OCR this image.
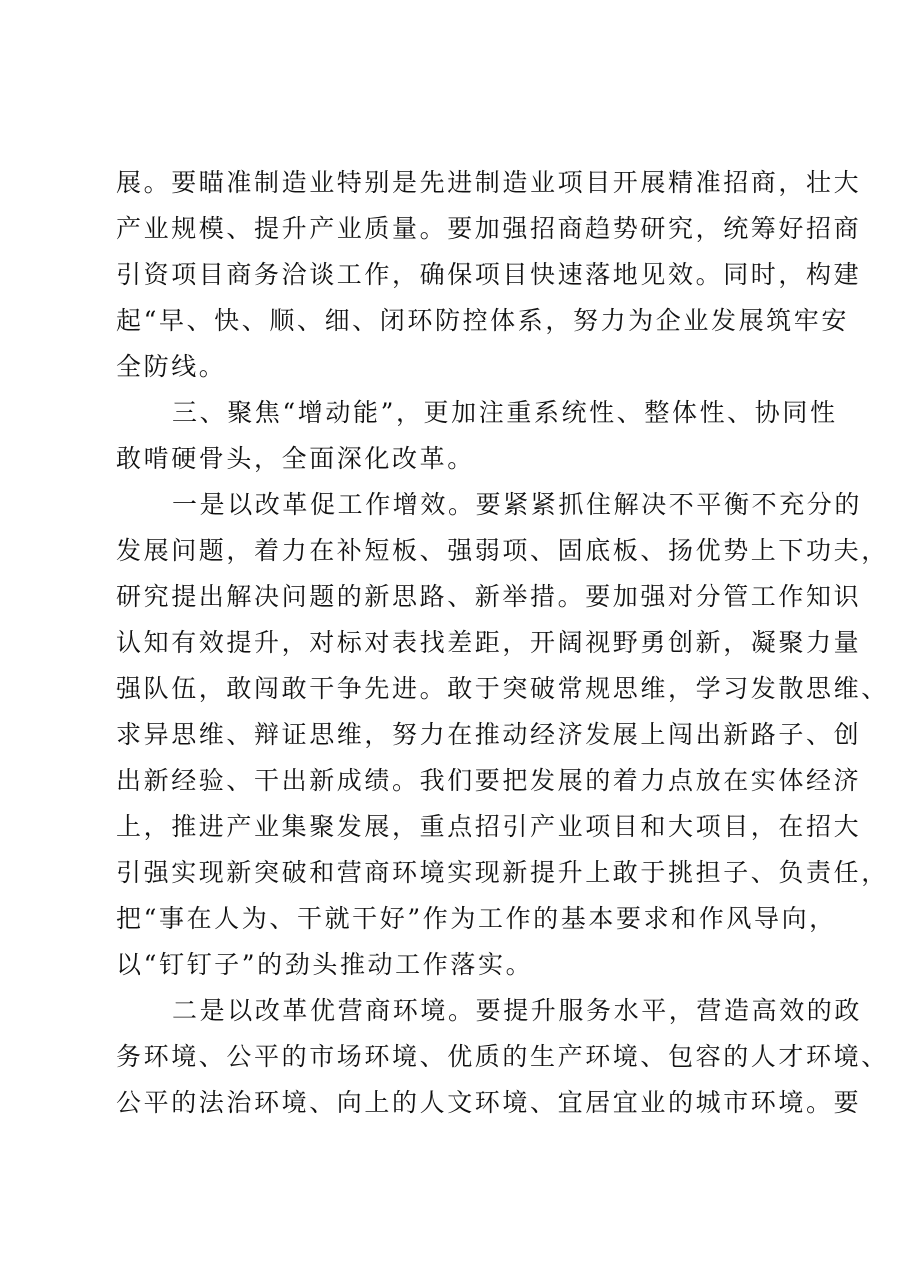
展。要瞄准制造业特别是先进制造业项目开展精准招商，壮大
产业规模、提升产业质量。要加强招商趋势研究，统筹好招商
引资项目商务洽谈工作，确保项目快速落地见效。同时，构建
起“早、快、顺、细、闭环防控体系，努力为企业发展筑牢安
全防线。
三、聚焦“增动能”，更加注重系统性、整体性、协同性
敢啃硬骨头，全面深化改革。
一是以改革促工作增效。要紧紧抓住解决不平衡不充分的
发展问题，着力在补短板、强弱项、固底板、扬优势上下功夫，
研究提出解决问题的新思路、新举措。要加强对分管工作知识
认知有效提升，对标对表找差距，开阔视野勇创新，凝聚力量
强队伍，敢闯敢干争先进。敢于突破常规思维，学习发散思维、
求异思维、辩证思维，努力在推动经济发展上闯出新路子、创
出新经验、干出新成绩。我们要把发展的着力点放在实体经济
上，推进产业集聚发展，重点招引产业项目和大项目，在招大
引强实现新突破和营商环境实现新提升上敢于挑担子、负责任，
把“事在人为、干就干好”作为工作的基本要求和作风导向，
以“钉钉子”的劲头推动工作落实。
二是以改革优营商环境。要提升服务水平，营造高效的政
务环境、公平的市场环境、优质的生产环境、包容的人才环境、
公平的法治环境、向上的人文环境、宜居宜业的城市环境。要
